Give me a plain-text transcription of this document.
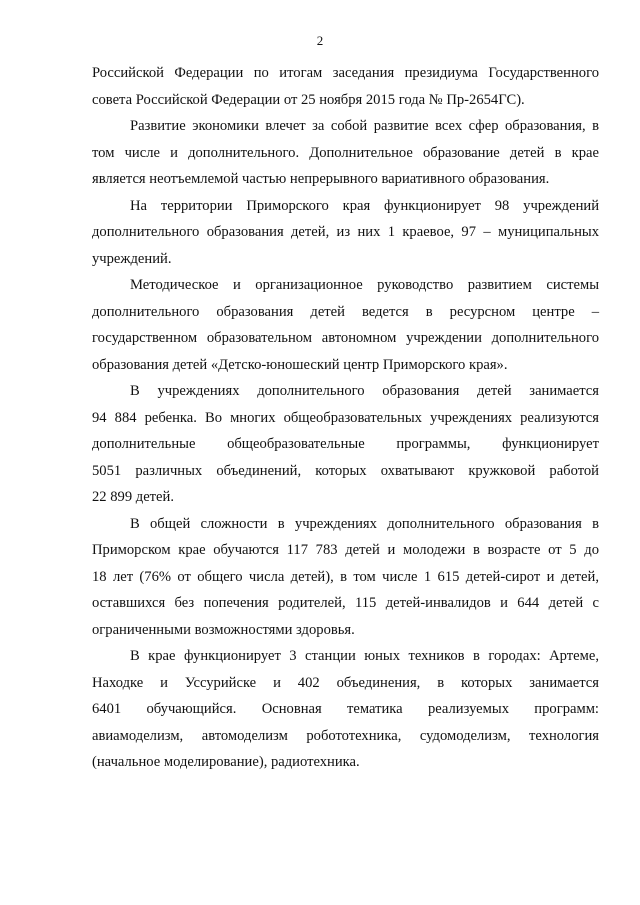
2
Российской Федерации по итогам заседания президиума Государственного
совета Российской Федерации от 25 ноября 2015 года № Пр-2654ГС).
Развитие экономики влечет за собой развитие всех сфер образования, в
том числе и дополнительного. Дополнительное образование детей в крае
является неотъемлемой частью непрерывного вариативного образования.
На территории Приморского края функционирует 98 учреждений
дополнительного образования детей, из них 1 краевое, 97 – муниципальных
учреждений.
Методическое и организационное руководство развитием системы
дополнительного образования детей ведется в ресурсном центре –
государственном образовательном автономном учреждении дополнительного
образования детей «Детско-юношеский центр Приморского края».
В учреждениях дополнительного образования детей занимается
94 884 ребенка. Во многих общеобразовательных учреждениях реализуются
дополнительные общеобразовательные программы, функционирует
5051 различных объединений, которых охватывают кружковой работой
22 899 детей.
В общей сложности в учреждениях дополнительного образования в
Приморском крае обучаются 117 783 детей и молодежи в возрасте от 5 до
18 лет (76% от общего числа детей), в том числе 1 615 детей-сирот и детей,
оставшихся без попечения родителей, 115 детей-инвалидов и 644 детей с
ограниченными возможностями здоровья.
В крае функционирует 3 станции юных техников в городах: Артеме,
Находке и Уссурийске и 402 объединения, в которых занимается
6401 обучающийся. Основная тематика реализуемых программ:
авиамоделизм, автомоделизм робототехника, судомоделизм, технология
(начальное моделирование), радиотехника.
